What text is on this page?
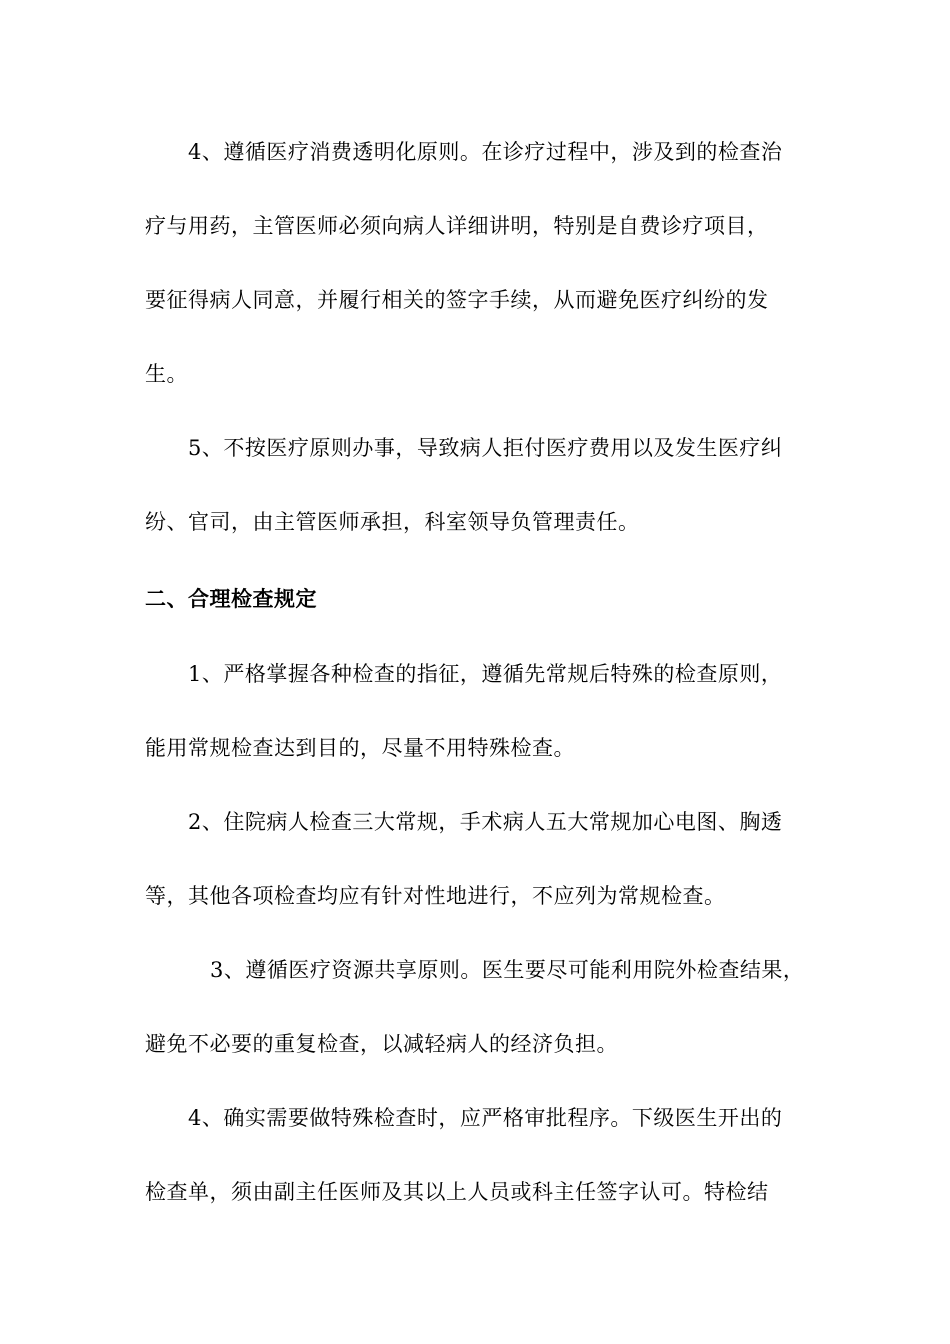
4、遵循医疗消费透明化原则。在诊疗过程中，涉及到的检查治
疗与用药，主管医师必须向病人详细讲明，特别是自费诊疗项目，
要征得病人同意，并履行相关的签字手续，从而避免医疗纠纷的发
生。
5、不按医疗原则办事，导致病人拒付医疗费用以及发生医疗纠
纷、官司，由主管医师承担，科室领导负管理责任。
二、合理检查规定
1、严格掌握各种检查的指征，遵循先常规后特殊的检查原则，
能用常规检查达到目的，尽量不用特殊检查。
2、住院病人检查三大常规，手术病人五大常规加心电图、胸透
等，其他各项检查均应有针对性地进行，不应列为常规检查。
3、遵循医疗资源共享原则。医生要尽可能利用院外检查结果，
避免不必要的重复检查，以减轻病人的经济负担。
4、确实需要做特殊检查时，应严格审批程序。下级医生开出的
检查单，须由副主任医师及其以上人员或科主任签字认可。特检结
